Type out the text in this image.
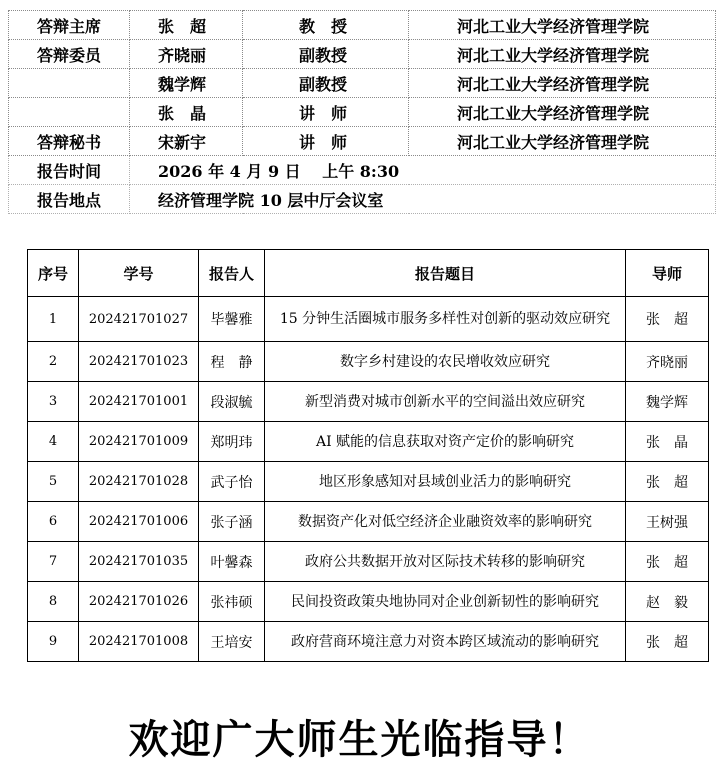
答辩主席	张　超	教　授	河北工业大学经济管理学院
答辩委员	齐晓丽	副教授	河北工业大学经济管理学院
	魏学辉	副教授	河北工业大学经济管理学院
	张　晶	讲　师	河北工业大学经济管理学院
答辩秘书	宋新宇	讲　师	河北工业大学经济管理学院
报告时间	2026 年 4 月 9 日　 上午 8:30		
报告地点	经济管理学院 10 层中厅会议室		
序号	学号	报告人	报告题目	导师
1	202421701027	毕馨雅	15 分钟生活圈城市服务多样性对创新的驱动效应研究	张　超
2	202421701023	程　静	数字乡村建设的农民增收效应研究	齐晓丽
3	202421701001	段淑毓	新型消费对城市创新水平的空间溢出效应研究	魏学辉
4	202421701009	郑明玮	AI 赋能的信息获取对资产定价的影响研究	张　晶
5	202421701028	武子怡	地区形象感知对县域创业活力的影响研究	张　超
6	202421701006	张子涵	数据资产化对低空经济企业融资效率的影响研究	王树强
7	202421701035	叶馨森	政府公共数据开放对区际技术转移的影响研究	张　超
8	202421701026	张祎硕	民间投资政策央地协同对企业创新韧性的影响研究	赵　毅
9	202421701008	王培安	政府营商环境注意力对资本跨区域流动的影响研究	张　超
欢迎广大师生光临指导！
